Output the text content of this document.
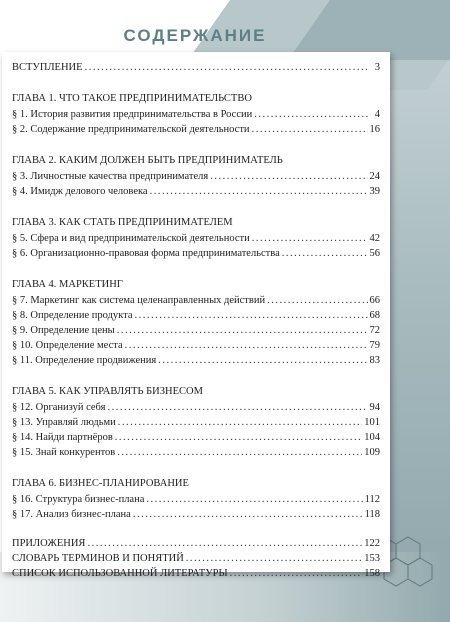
СОДЕРЖАНИЕ
ВСТУПЛЕНИЕ .....	3
ГЛАВА 1. ЧТО ТАКОЕ ПРЕДПРИНИМАТЕЛЬСТВО
§ 1. История развития предпринимательства в России .....	4
§ 2. Содержание предпринимательской деятельности .....	16
ГЛАВА 2. КАКИМ ДОЛЖЕН БЫТЬ ПРЕДПРИНИМАТЕЛЬ
§ 3. Личностные качества предпринимателя .....	24
§ 4. Имидж делового человека .....	39
ГЛАВА 3. КАК СТАТЬ ПРЕДПРИНИМАТЕЛЕМ
§ 5. Сфера и вид предпринимательской деятельности .....	42
§ 6. Организационно-правовая форма предпринимательства .....	56
ГЛАВА 4. МАРКЕТИНГ
§ 7. Маркетинг как система целенаправленных действий .....	66
§ 8. Определение продукта .....	68
§ 9. Определение цены .....	72
§ 10. Определение места .....	79
§ 11. Определение продвижения .....	83
ГЛАВА 5. КАК УПРАВЛЯТЬ БИЗНЕСОМ
§ 12. Организуй себя .....	94
§ 13. Управляй людьми .....	101
§ 14. Найди партнёров .....	104
§ 15. Знай конкурентов .....	109
ГЛАВА 6. БИЗНЕС-ПЛАНИРОВАНИЕ
§ 16. Структура бизнес-плана .....	112
§ 17. Анализ бизнес-плана .....	118
ПРИЛОЖЕНИЯ .....	122
СЛОВАРЬ ТЕРМИНОВ И ПОНЯТИЙ .....	153
СПИСОК ИСПОЛЬЗОВАННОЙ ЛИТЕРАТУРЫ .....	158
